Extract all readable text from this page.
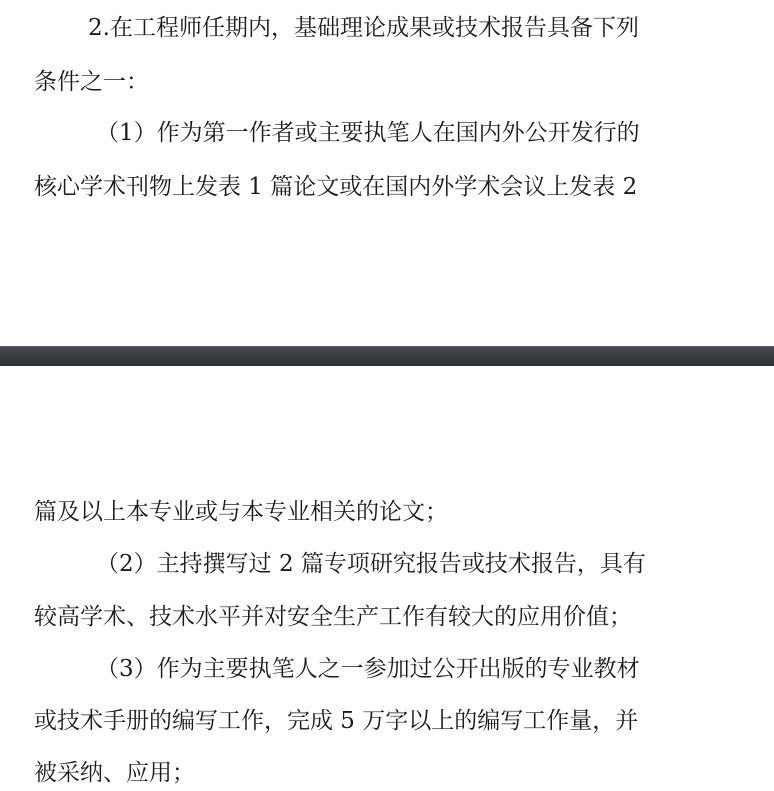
2.在工程师任期内，基础理论成果或技术报告具备下列
条件之一：
（1）作为第一作者或主要执笔人在国内外公开发行的
核心学术刊物上发表 1 篇论文或在国内外学术会议上发表 2
篇及以上本专业或与本专业相关的论文；
（2）主持撰写过 2 篇专项研究报告或技术报告，具有
较高学术、技术水平并对安全生产工作有较大的应用价值；
（3）作为主要执笔人之一参加过公开出版的专业教材
或技术手册的编写工作，完成 5 万字以上的编写工作量，并
被采纳、应用；
